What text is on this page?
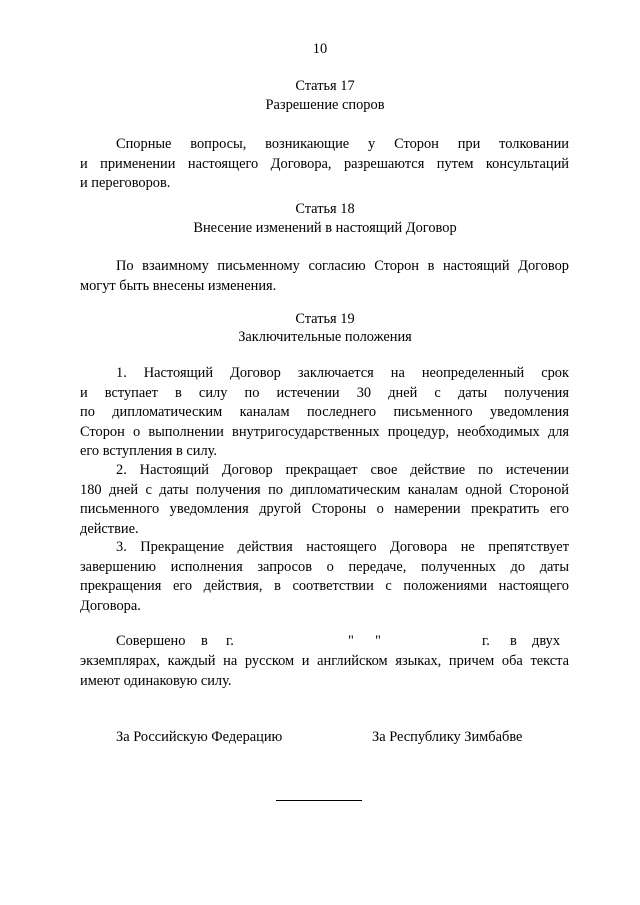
10
Статья 17
Разрешение споров
Спорные вопросы, возникающие у Сторон при толковании
и применении настоящего Договора, разрешаются путем консультаций
и переговоров.
Статья 18
Внесение изменений в настоящий Договор
По взаимному письменному согласию Сторон в настоящий Договор
могут быть внесены изменения.
Статья 19
Заключительные положения
1. Настоящий Договор заключается на неопределенный срок
и вступает в силу по истечении 30 дней с даты получения
по дипломатическим каналам последнего письменного уведомления
Сторон о выполнении внутригосударственных процедур, необходимых для
его вступления в силу.
2. Настоящий Договор прекращает свое действие по истечении
180 дней с даты получения по дипломатическим каналам одной Стороной
письменного уведомления другой Стороны о намерении прекратить его
действие.
3. Прекращение действия настоящего Договора не препятствует
завершению исполнения запросов о передаче, полученных до даты
прекращения его действия, в соответствии с положениями настоящего
Договора.
Совершено в г.	" "	г. в двух
экземплярах, каждый на русском и английском языках, причем оба текста
имеют одинаковую силу.
За Российскую Федерацию	За Республику Зимбабве
